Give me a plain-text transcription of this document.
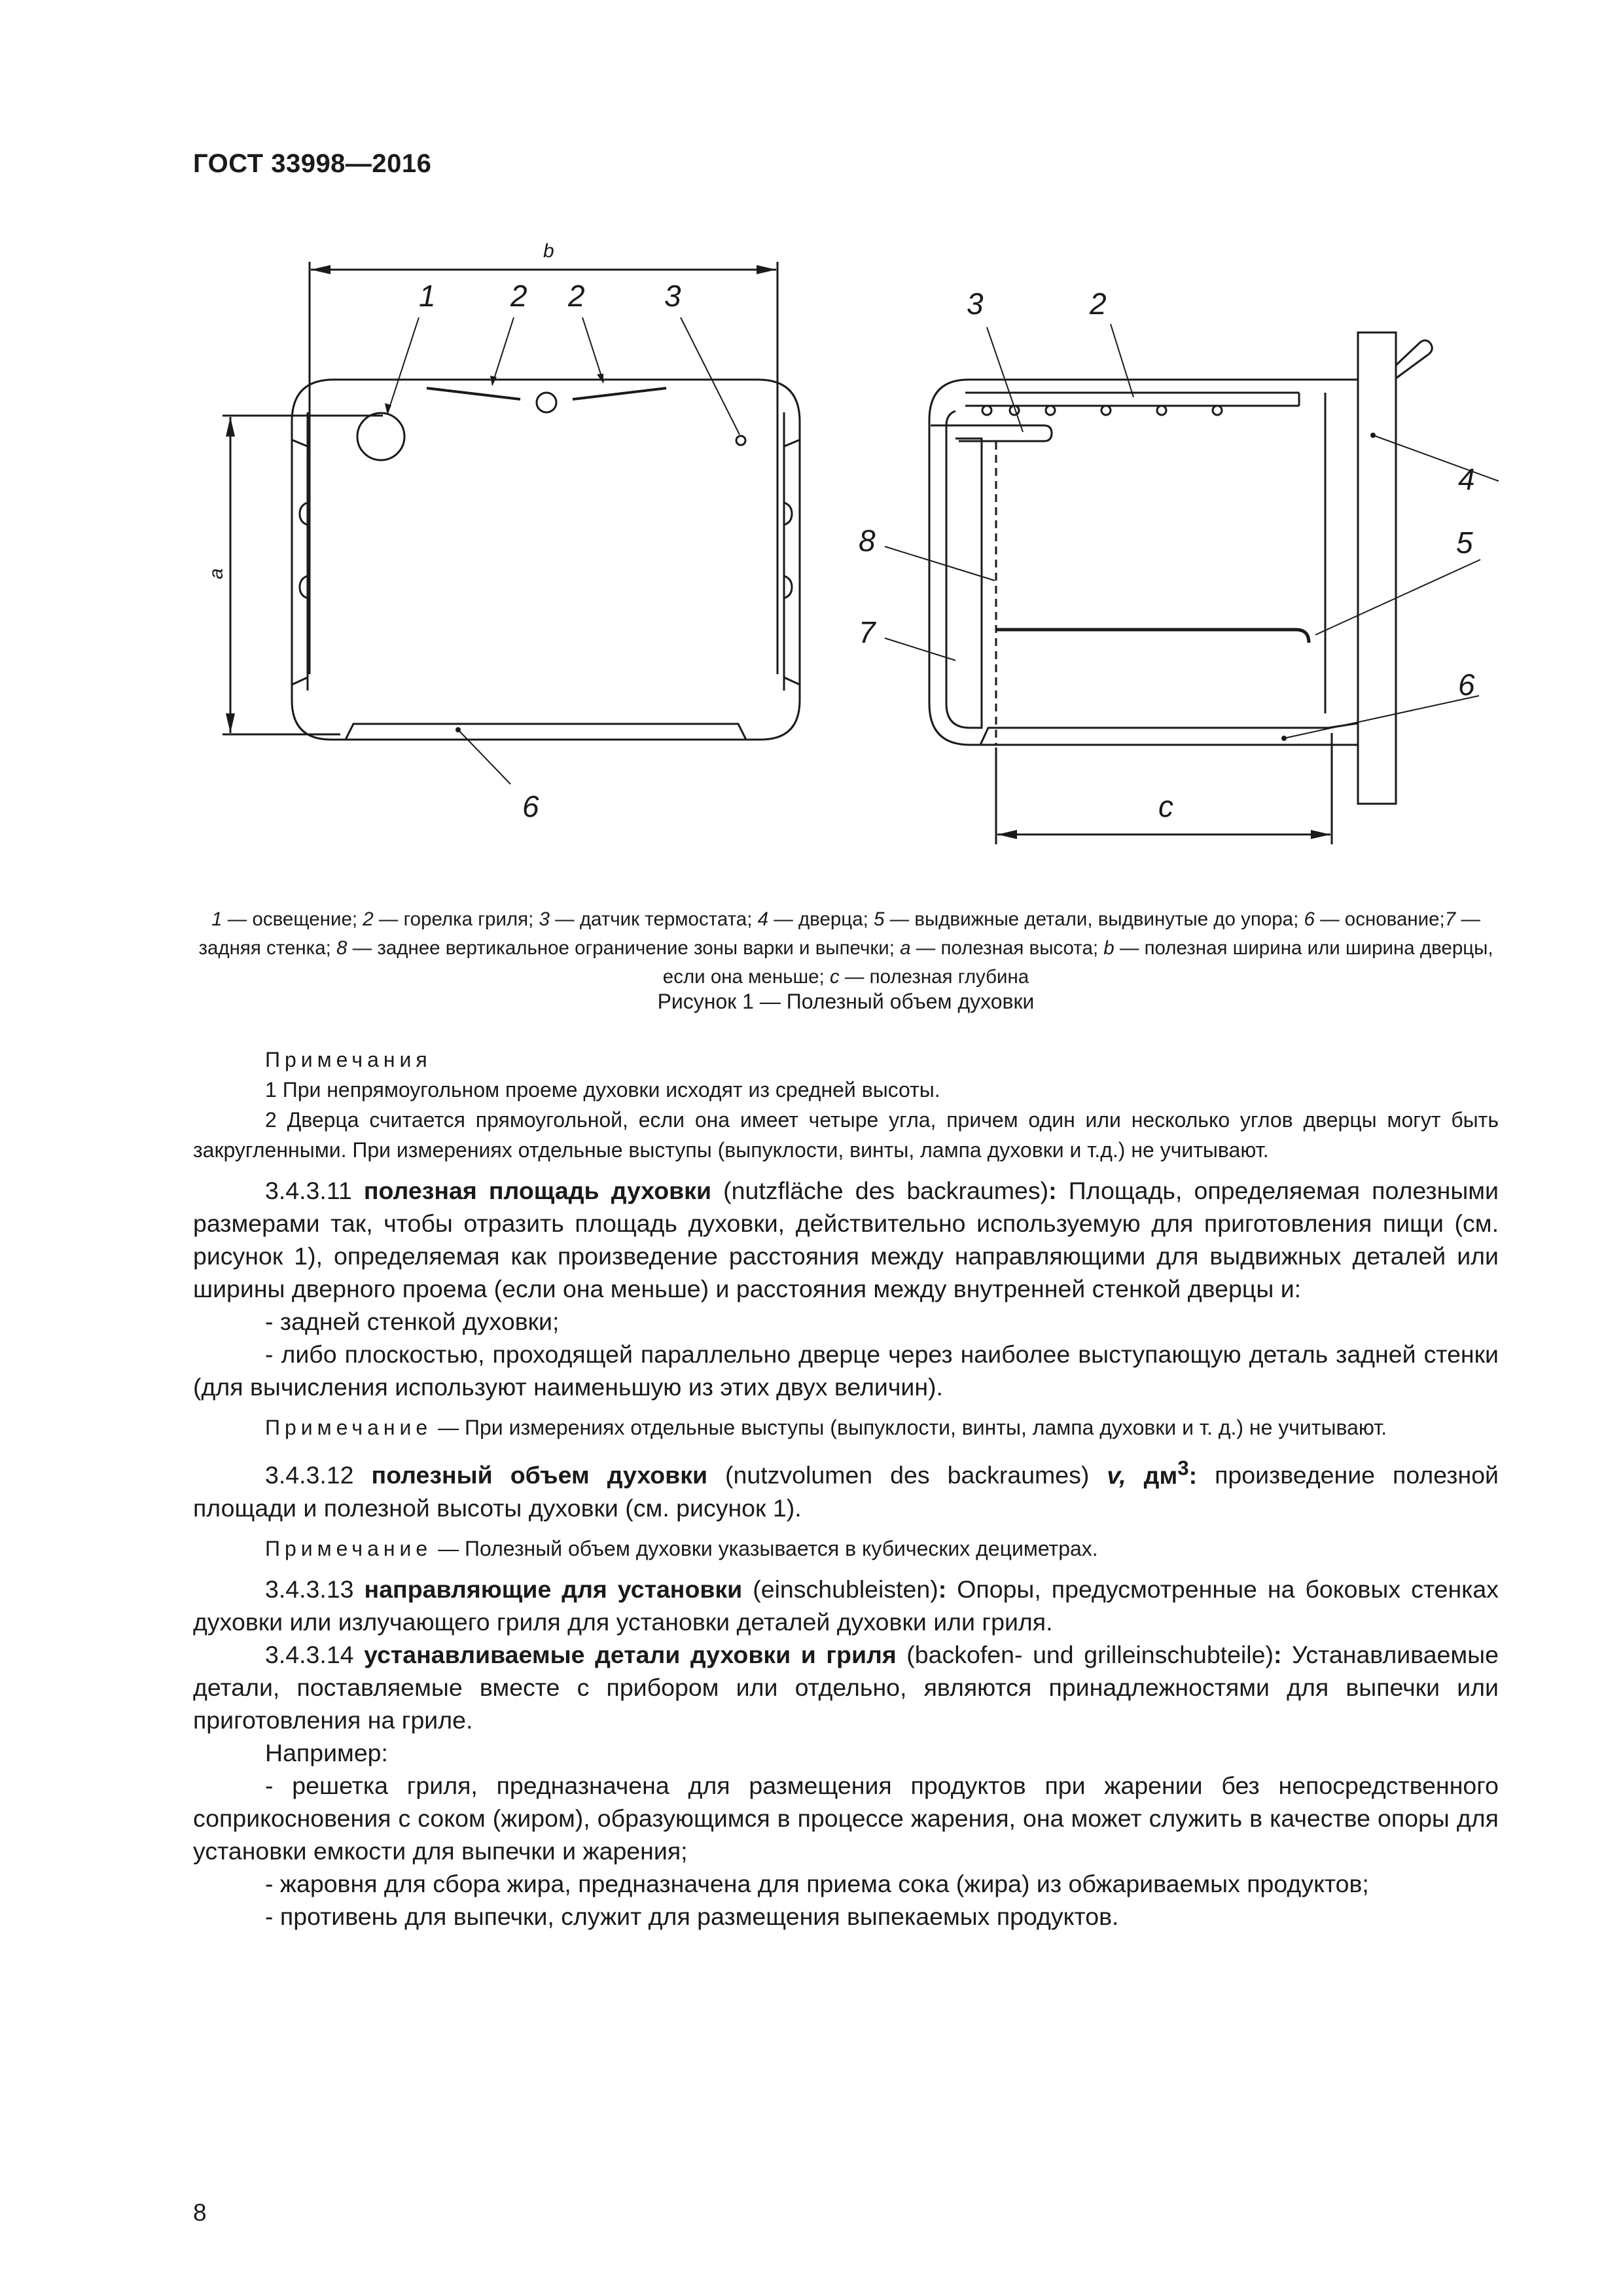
ГОСТ 33998—2016
b
1 2 2	3
a
6
3	2
4
5
6
8
7
c
1 — освещение; 2 — горелка гриля; 3 — датчик термостата; 4 — дверца; 5 — выдвижные детали, выдвинутые до упора; 6 — основание;7 — задняя стенка; 8 — заднее вертикальное ограничение зоны варки и выпечки; a — полезная высота; b — полезная ширина или ширина дверцы, если она меньше; c — полезная глубина
Рисунок 1 — Полезный объем духовки

Примечания

1 При непрямоугольном проеме духовки исходят из средней высоты.

2 Дверца считается прямоугольной, если она имеет четыре угла, причем один или несколько углов дверцы могут быть закругленными. При измерениях отдельные выступы (выпуклости, винты, лампа духовки и т.д.) не учитывают.

3.4.3.11 полезная площадь духовки (nutzfläche des backraumes): Площадь, определяемая полезными размерами так, чтобы отразить площадь духовки, действительно используемую для приготовления пищи (см. рисунок 1), определяемая как произведение расстояния между направляющими для выдвижных деталей или ширины дверного проема (если она меньше) и расстояния между внутренней стенкой дверцы и:

- задней стенкой духовки;

- либо плоскостью, проходящей параллельно дверце через наиболее выступающую деталь задней стенки (для вычисления используют наименьшую из этих двух величин).

Примечание — При измерениях отдельные выступы (выпуклости, винты, лампа духовки и т. д.) не учитывают.

3.4.3.12 полезный объем духовки (nutzvolumen des backraumes) v, $дм^3$: произведение полезной площади и полезной высоты духовки (см. рисунок 1).

Примечание — Полезный объем духовки указывается в кубических дециметрах.

3.4.3.13 направляющие для установки (einschubleisten): Опоры, предусмотренные на боковых стенках духовки или излучающего гриля для установки деталей духовки или гриля.

3.4.3.14 устанавливаемые детали духовки и гриля (backofen- und grilleinschubteile): Устанавливаемые детали, поставляемые вместе с прибором или отдельно, являются принадлежностями для выпечки или приготовления на гриле.

Например:

- решетка гриля, предназначена для размещения продуктов при жарении без непосредственного соприкосновения с соком (жиром), образующимся в процессе жарения, она может служить в качестве опоры для установки емкости для выпечки и жарения;

- жаровня для сбора жира, предназначена для приема сока (жира) из обжариваемых продуктов;

- противень для выпечки, служит для размещения выпекаемых продуктов.

8
